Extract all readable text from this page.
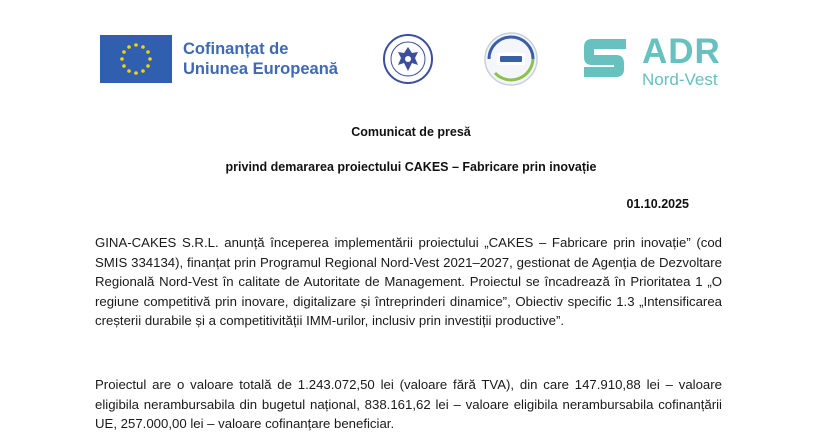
Cofinanțat de
Uniunea Europeană	ADR
Nord-Vest
Comunicat de presă
privind demararea proiectului CAKES – Fabricare prin inovație
01.10.2025
GINA-CAKES S.R.L. anunță începerea implementării proiectului „CAKES – Fabricare prin inovație” (cod SMIS 334134), finanțat prin Programul Regional Nord-Vest 2021–2027, gestionat de Agenția de Dezvoltare Regională Nord-Vest în calitate de Autoritate de Management. Proiectul se încadrează în Prioritatea 1 „O regiune competitivă prin inovare, digitalizare și întreprinderi dinamice”, Obiectiv specific 1.3 „Intensificarea creșterii durabile și a competitivității IMM-urilor, inclusiv prin investiții productive”.
Proiectul are o valoare totală de 1.243.072,50 lei (valoare fără TVA), din care 147.910,88 lei – valoare eligibila nerambursabila din bugetul național, 838.161,62 lei – valoare eligibila nerambursabila cofinanțării UE, 257.000,00 lei – valoare cofinanțare beneficiar.
